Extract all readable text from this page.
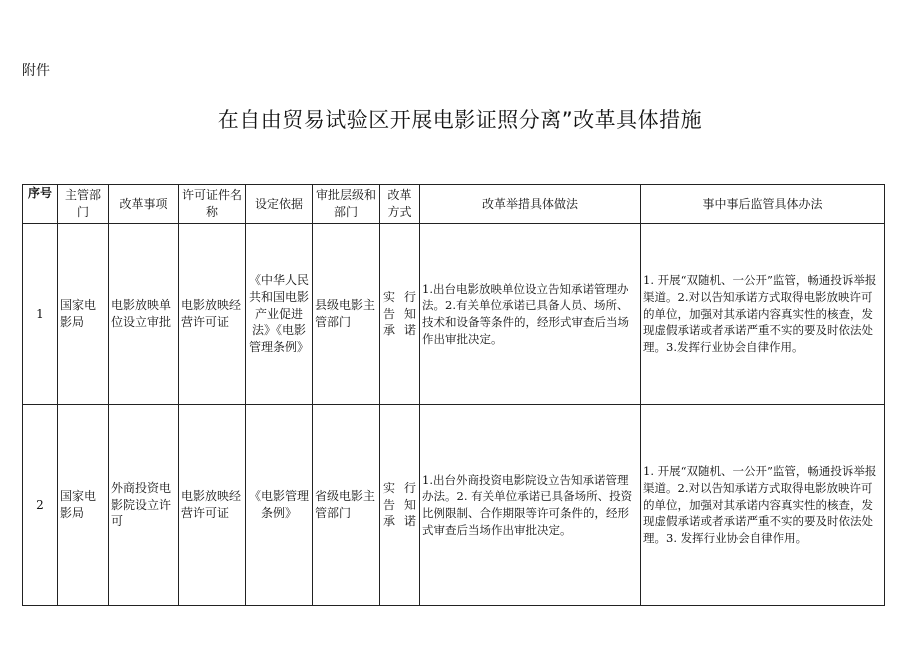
附件
在自由贸易试验区开展电影证照分离”改革具体措施
序号	主管部门	改革事项	许可证件名称	设定依据	审批层级和部门	改革方式	改革举措具体做法	事中事后监管具体办法
1	国家电影局	电影放映单位设立审批	电影放映经营许可证	《中华人民共和国电影产业促进法》《电影管理条例》	县级电影主管部门	实行告知承诺	1.出台电影放映单位设立告知承诺管理办法。2.有关单位承诺已具备人员、场所、技术和设备等条件的，经形式审查后当场作出审批决定。	1. 开展“双随机、一公开”监管，畅通投诉举报渠道。2.对以告知承诺方式取得电影放映许可的单位，加强对其承诺内容真实性的核查，发现虚假承诺或者承诺严重不实的要及时依法处理。3.发挥行业协会自律作用。
2	国家电影局	外商投资电影院设立许可	电影放映经营许可证	《电影管理条例》	省级电影主管部门	实行告知承诺	1.出台外商投资电影院设立告知承诺管理办法。2. 有关单位承诺已具备场所、投资比例限制、合作期限等许可条件的，经形式审查后当场作出审批决定。	1. 开展“双随机、一公开”监管，畅通投诉举报渠道。2.对以告知承诺方式取得电影放映许可的单位，加强对其承诺内容真实性的核查，发现虚假承诺或者承诺严重不实的要及时依法处理。3. 发挥行业协会自律作用。
